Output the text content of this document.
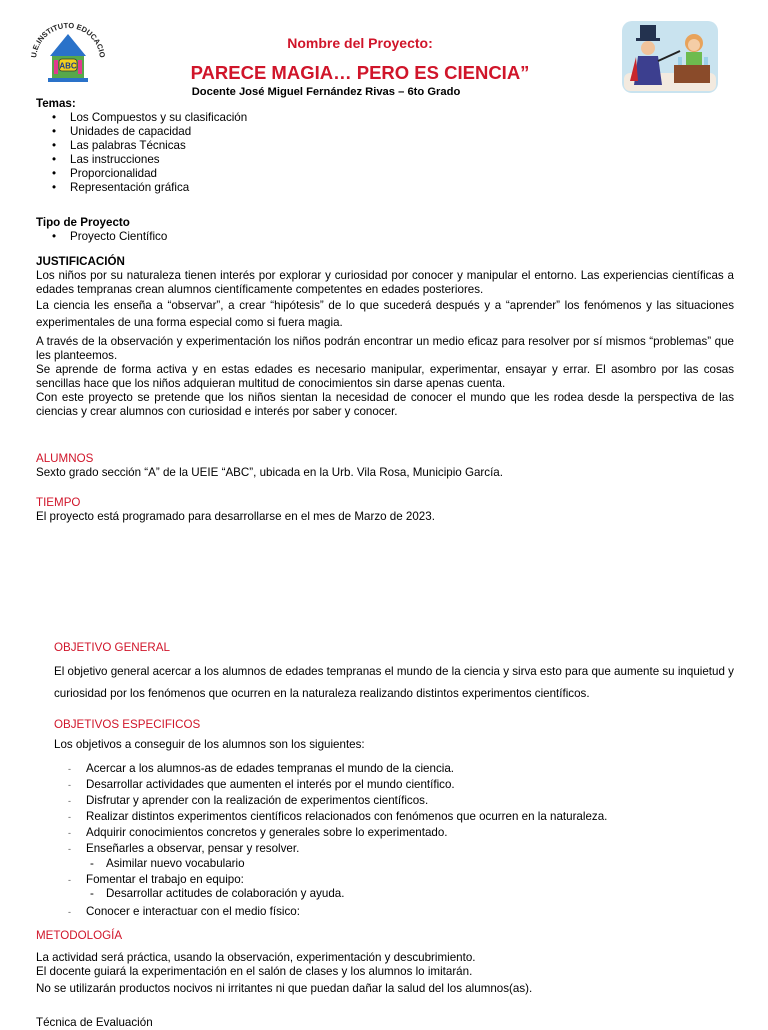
U.E.INSTITUTO EDUCACIO
ABC
Nombre del Proyecto:
PARECE MAGIA… PERO ES CIENCIA”
Docente José Miguel Fernández Rivas – 6to Grado
Temas:
• Los Compuestos y su clasificación
• Unidades de capacidad
• Las palabras Técnicas
• Las instrucciones
• Proporcionalidad
• Representación gráfica
Tipo de Proyecto
• Proyecto Científico
JUSTIFICACIÓN
Los niños por su naturaleza tienen interés por explorar y curiosidad por conocer y manipular el entorno. Las experiencias científicas a edades tempranas crean alumnos científicamente competentes en edades posteriores.
La ciencia les enseña a “observar”, a crear “hipótesis” de lo que sucederá después y a “aprender” los fenómenos y las situaciones experimentales de una forma especial como si fuera magia.
A través de la observación y experimentación los niños podrán encontrar un medio eficaz para resolver por sí mismos “problemas” que les planteemos.
Se aprende de forma activa y en estas edades es necesario manipular, experimentar, ensayar y errar. El asombro por las cosas sencillas hace que los niños adquieran multitud de conocimientos sin darse apenas cuenta.
Con este proyecto se pretende que los niños sientan la necesidad de conocer el mundo que les rodea desde la perspectiva de las ciencias y crear alumnos con curiosidad e interés por saber y conocer.
ALUMNOS
Sexto grado sección “A” de la UEIE “ABC”, ubicada en la Urb. Vila Rosa, Municipio García.
TIEMPO
El proyecto está programado para desarrollarse en el mes de Marzo de 2023.
OBJETIVO GENERAL
El objetivo general acercar a los alumnos de edades tempranas el mundo de la ciencia y sirva esto para que aumente su inquietud y curiosidad por los fenómenos que ocurren en la naturaleza realizando distintos experimentos científicos.
OBJETIVOS ESPECIFICOS
Los objetivos a conseguir de los alumnos son los siguientes:
- Acercar a los alumnos-as de edades tempranas el mundo de la ciencia.
- Desarrollar actividades que aumenten el interés por el mundo científico.
- Disfrutar y aprender con la realización de experimentos científicos.
- Realizar distintos experimentos científicos relacionados con fenómenos que ocurren en la naturaleza.
- Adquirir conocimientos concretos y generales sobre lo experimentado.
- Enseñarles a observar, pensar y resolver.
- Asimilar nuevo vocabulario
- Fomentar el trabajo en equipo:
- Desarrollar actitudes de colaboración y ayuda.
- Conocer e interactuar con el medio físico:
METODOLOGÍA
La actividad será práctica, usando la observación, experimentación y descubrimiento.
El docente guiará la experimentación en el salón de clases y los alumnos lo imitarán.
No se utilizarán productos nocivos ni irritantes ni que puedan dañar la salud del los alumnos(as).
Técnica de Evaluación
